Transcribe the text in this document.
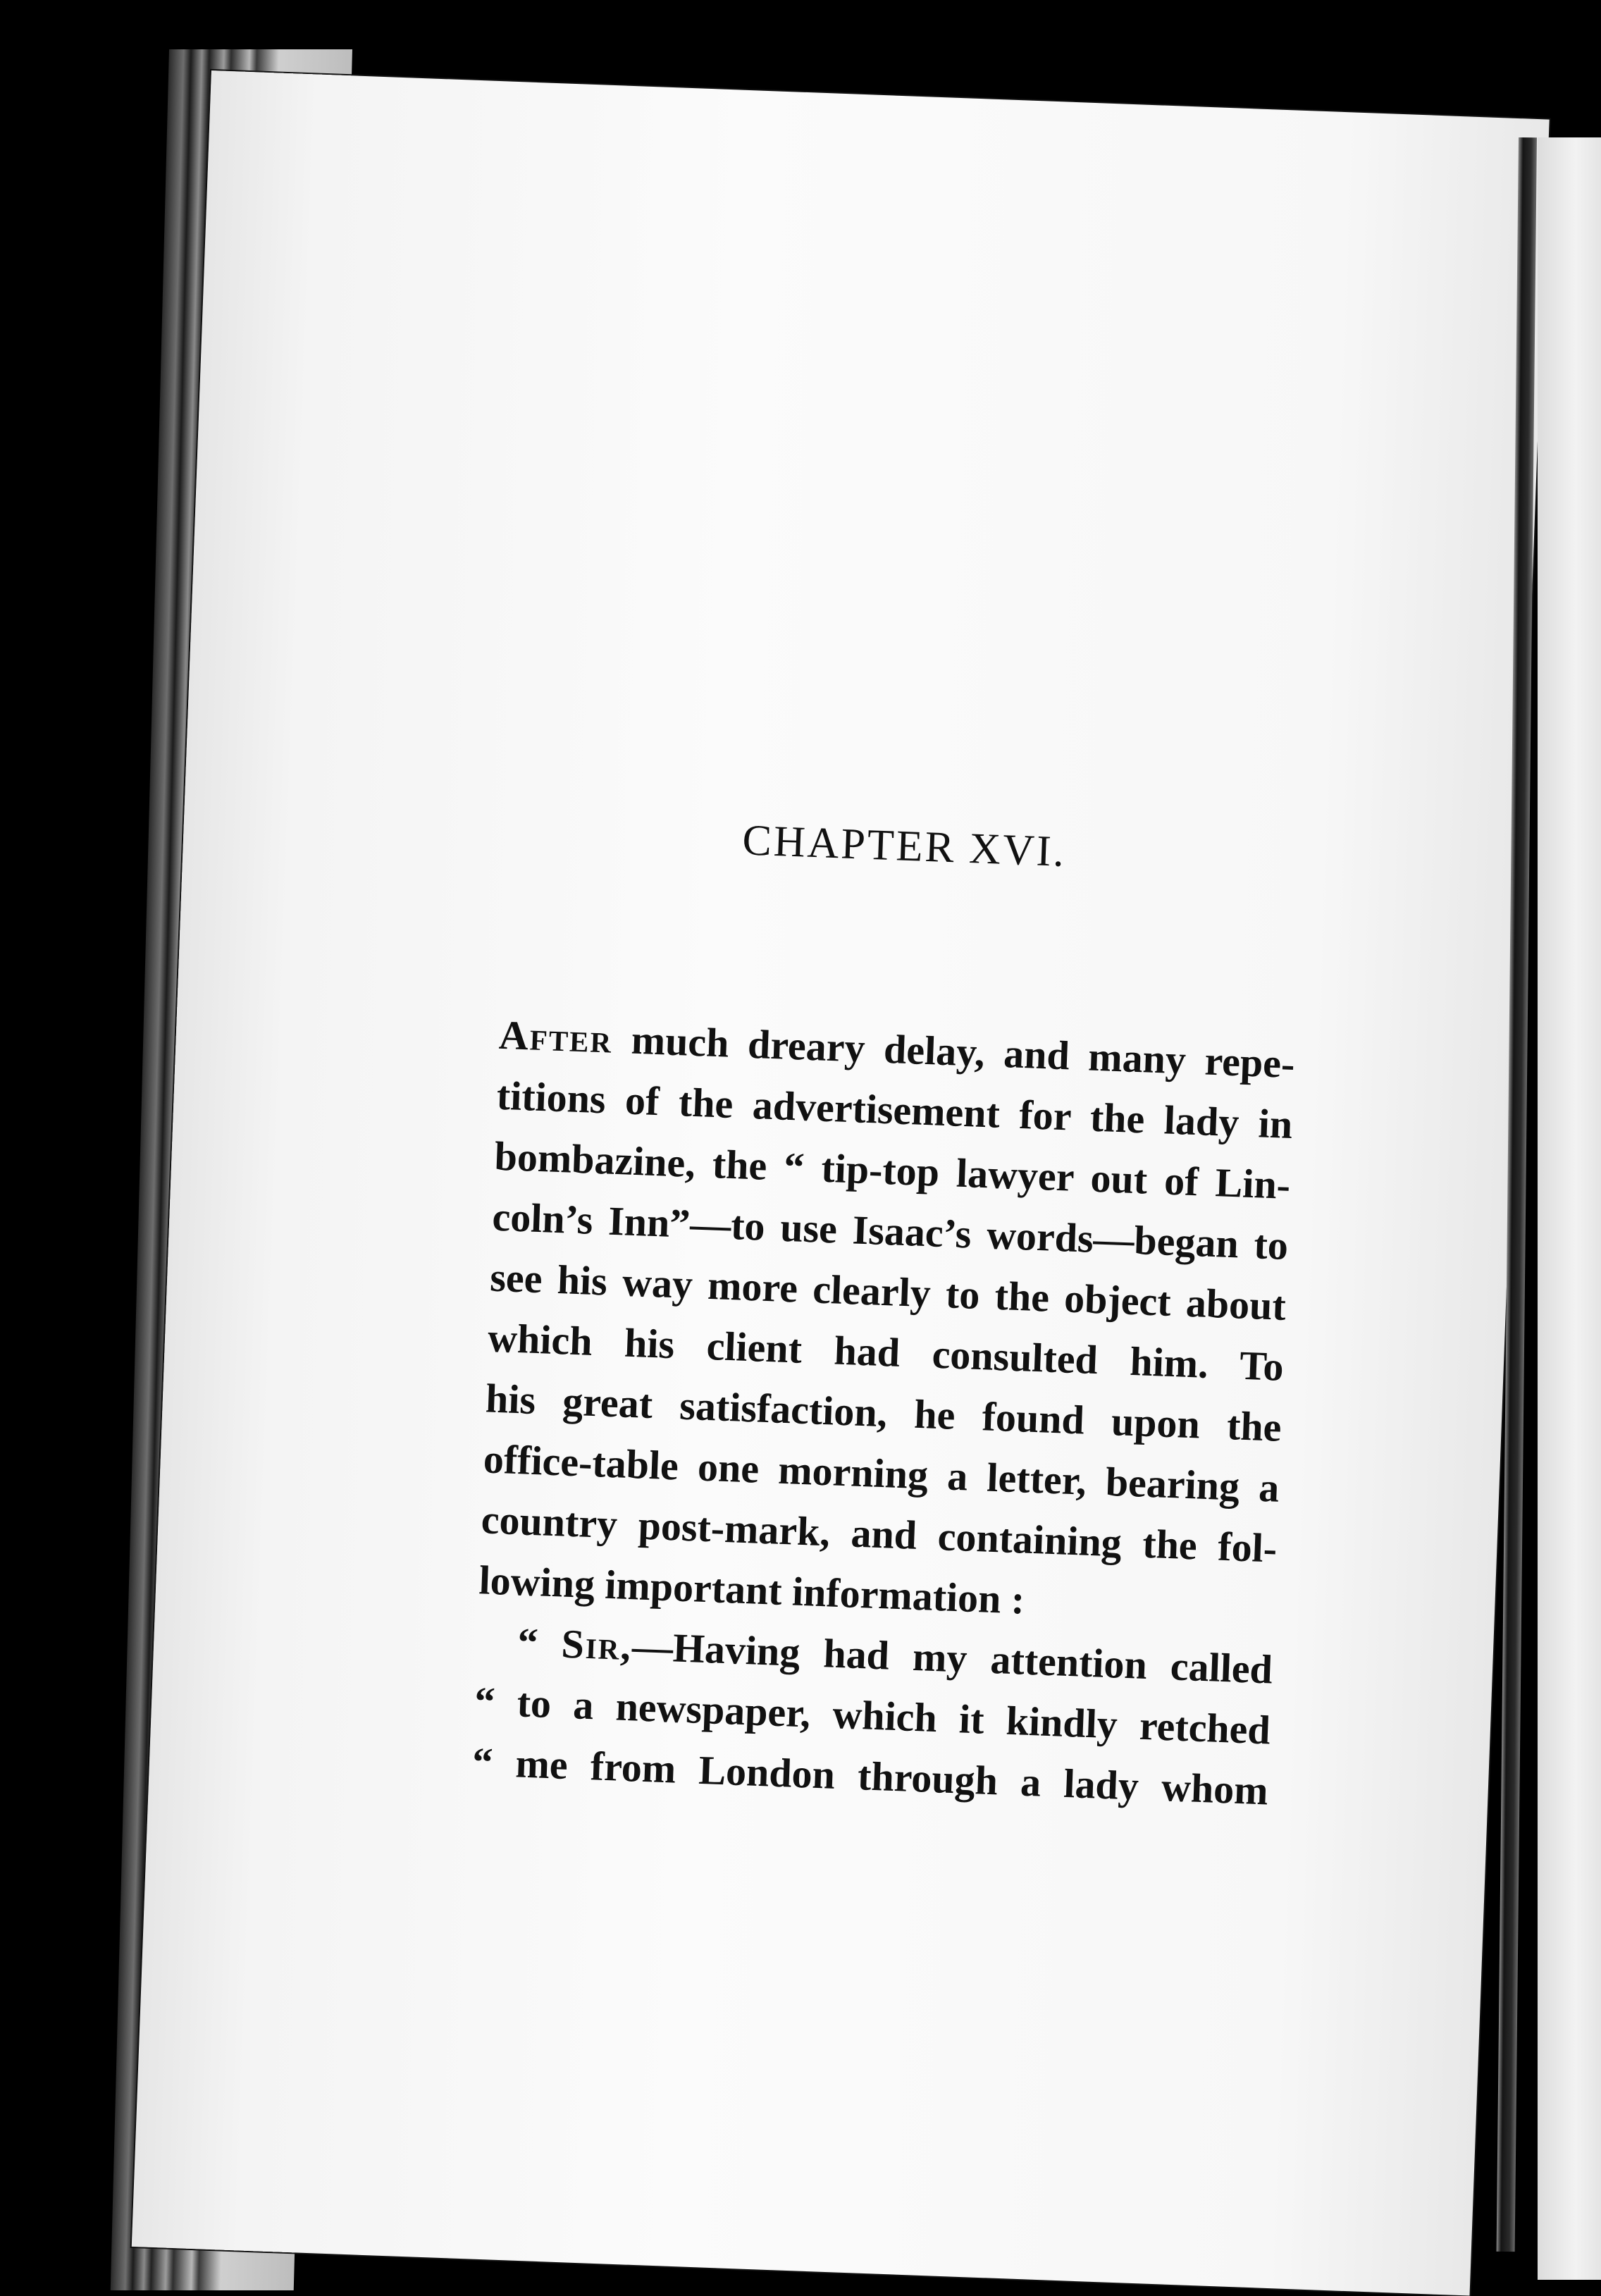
CHAPTER XVI.
After much dreary delay, and many repe-
titions of the advertisement for the lady in
bombazine, the “ tip-top lawyer out of Lin-
coln’s Inn”—to use Isaac’s words—began to
see his way more clearly to the object about
which his client had consulted him. To
his great satisfaction, he found upon the
office-table one morning a letter, bearing a
country post-mark, and containing the fol-
lowing important information :
“ Sir,—Having had my attention called
“ to a newspaper, which it kindly retched
“ me from London through a lady whom
